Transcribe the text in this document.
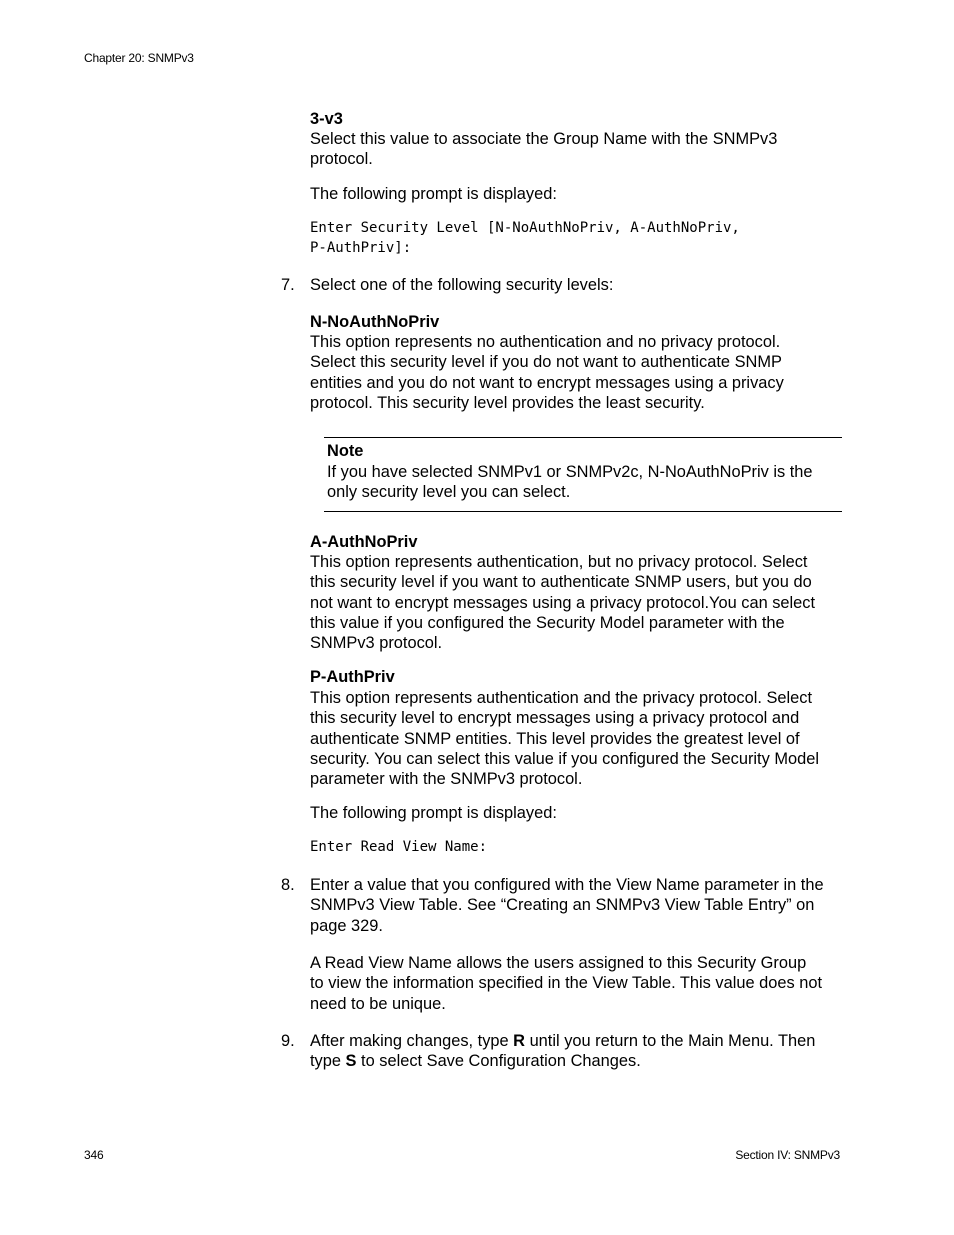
Chapter 20: SNMPv3
3-v3
Select this value to associate the Group Name with the SNMPv3
protocol.
The following prompt is displayed:
Enter Security Level [N-NoAuthNoPriv, A-AuthNoPriv,
P-AuthPriv]:
7. Select one of the following security levels:
N-NoAuthNoPriv
This option represents no authentication and no privacy protocol.
Select this security level if you do not want to authenticate SNMP
entities and you do not want to encrypt messages using a privacy
protocol. This security level provides the least security.
Note
If you have selected SNMPv1 or SNMPv2c, N-NoAuthNoPriv is the
only security level you can select.
A-AuthNoPriv
This option represents authentication, but no privacy protocol. Select
this security level if you want to authenticate SNMP users, but you do
not want to encrypt messages using a privacy protocol.You can select
this value if you configured the Security Model parameter with the
SNMPv3 protocol.
P-AuthPriv
This option represents authentication and the privacy protocol. Select
this security level to encrypt messages using a privacy protocol and
authenticate SNMP entities. This level provides the greatest level of
security. You can select this value if you configured the Security Model
parameter with the SNMPv3 protocol.
The following prompt is displayed:
Enter Read View Name:
8. Enter a value that you configured with the View Name parameter in the
SNMPv3 View Table. See “Creating an SNMPv3 View Table Entry” on
page 329.
A Read View Name allows the users assigned to this Security Group
to view the information specified in the View Table. This value does not
need to be unique.
9. After making changes, type R until you return to the Main Menu. Then
type S to select Save Configuration Changes.
346	Section IV: SNMPv3
